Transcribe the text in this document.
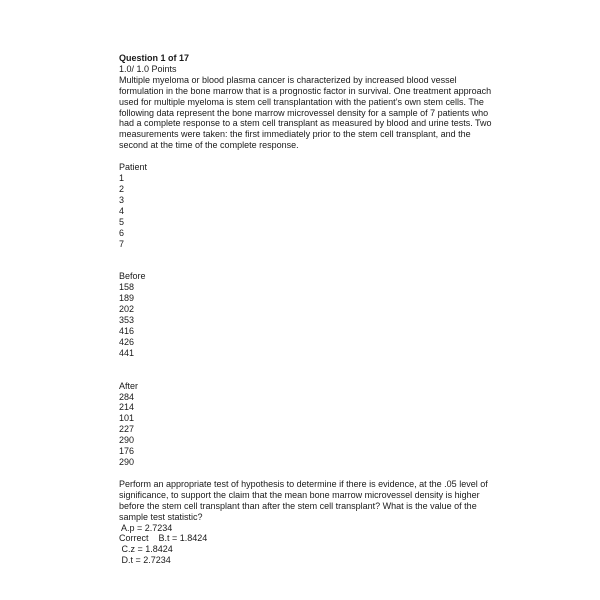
Question 1 of 17
1.0/ 1.0 Points
Multiple myeloma or blood plasma cancer is characterized by increased blood vessel
formulation in the bone marrow that is a prognostic factor in survival. One treatment approach
used for multiple myeloma is stem cell transplantation with the patient’s own stem cells. The
following data represent the bone marrow microvessel density for a sample of 7 patients who
had a complete response to a stem cell transplant as measured by blood and urine tests. Two
measurements were taken: the first immediately prior to the stem cell transplant, and the
second at the time of the complete response.
Patient
1
2
3
4
5
6
7
Before
158
189
202
353
416
426
441
After
284
214
101
227
290
176
290
Perform an appropriate test of hypothesis to determine if there is evidence, at the .05 level of
significance, to support the claim that the mean bone marrow microvessel density is higher
before the stem cell transplant than after the stem cell transplant? What is the value of the
sample test statistic?
A.p = 2.7234
Correct    B.t = 1.8424
C.z = 1.8424
D.t = 2.7234
